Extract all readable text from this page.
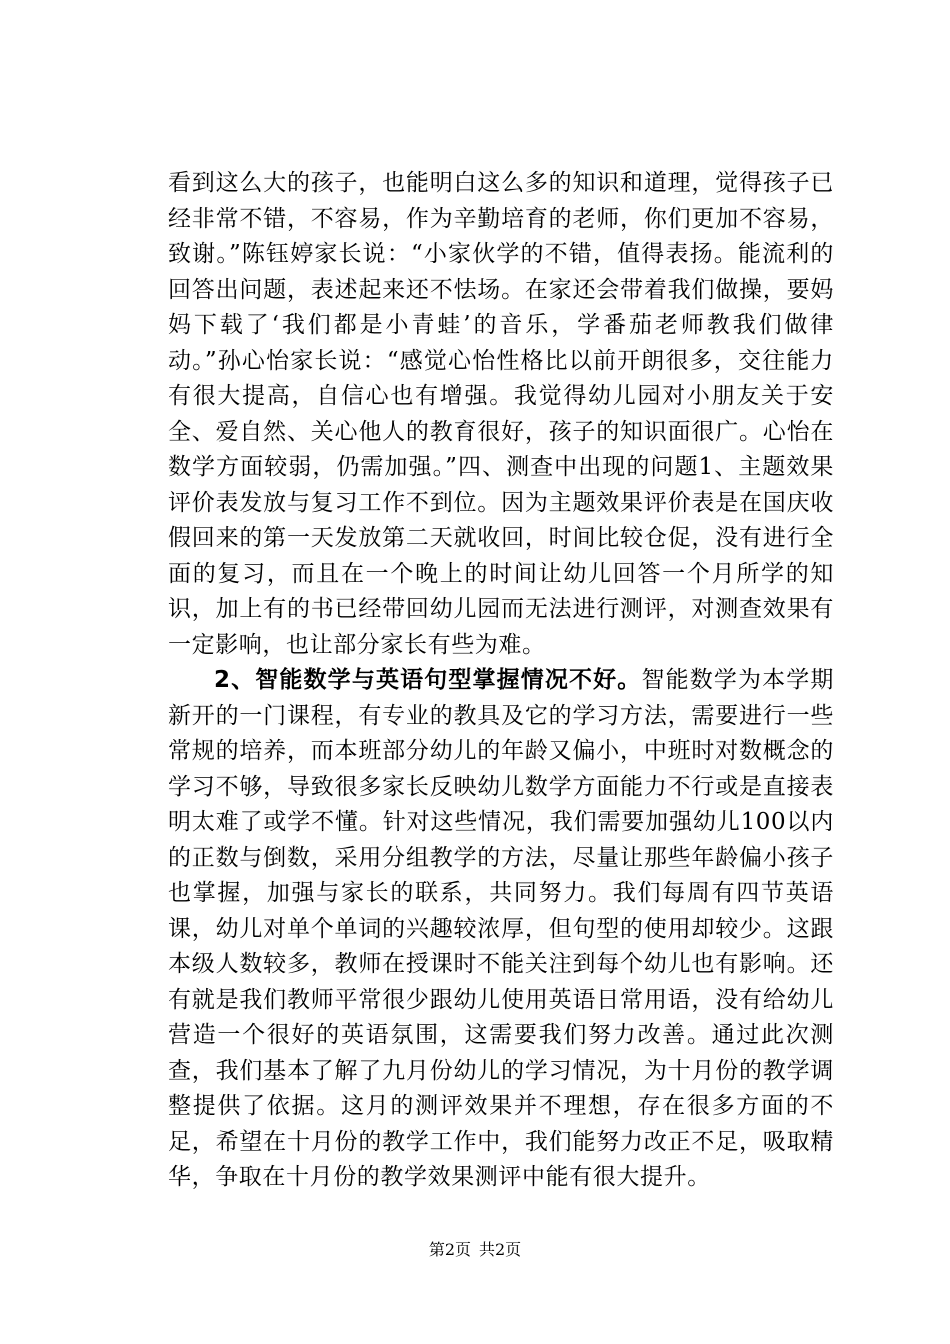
看到这么大的孩子，也能明白这么多的知识和道理，觉得孩子已经非常不错，不容易，作为辛勤培育的老师，你们更加不容易，致谢。”陈钰婷家长说：“小家伙学的不错，值得表扬。能流利的回答出问题，表述起来还不怯场。在家还会带着我们做操，要妈妈下载了‘我们都是小青蛙’的音乐，学番茄老师教我们做律动。”孙心怡家长说：“感觉心怡性格比以前开朗很多，交往能力有很大提高，自信心也有增强。我觉得幼儿园对小朋友关于安全、爱自然、关心他人的教育很好，孩子的知识面很广。心怡在数学方面较弱，仍需加强。”四、测查中出现的问题1、主题效果评价表发放与复习工作不到位。因为主题效果评价表是在国庆收假回来的第一天发放第二天就收回，时间比较仓促，没有进行全面的复习，而且在一个晚上的时间让幼儿回答一个月所学的知识，加上有的书已经带回幼儿园而无法进行测评，对测查效果有一定影响，也让部分家长有些为难。

2、智能数学与英语句型掌握情况不好。智能数学为本学期新开的一门课程，有专业的教具及它的学习方法，需要进行一些常规的培养，而本班部分幼儿的年龄又偏小，中班时对数概念的学习不够，导致很多家长反映幼儿数学方面能力不行或是直接表明太难了或学不懂。针对这些情况，我们需要加强幼儿100以内的正数与倒数，采用分组教学的方法，尽量让那些年龄偏小孩子也掌握，加强与家长的联系，共同努力。我们每周有四节英语课，幼儿对单个单词的兴趣较浓厚，但句型的使用却较少。这跟本级人数较多，教师在授课时不能关注到每个幼儿也有影响。还有就是我们教师平常很少跟幼儿使用英语日常用语，没有给幼儿营造一个很好的英语氛围，这需要我们努力改善。通过此次测查，我们基本了解了九月份幼儿的学习情况，为十月份的教学调整提供了依据。这月的测评效果并不理想，存在很多方面的不足，希望在十月份的教学工作中，我们能努力改正不足，吸取精华，争取在十月份的教学效果测评中能有很大提升。

第2页 共2页
